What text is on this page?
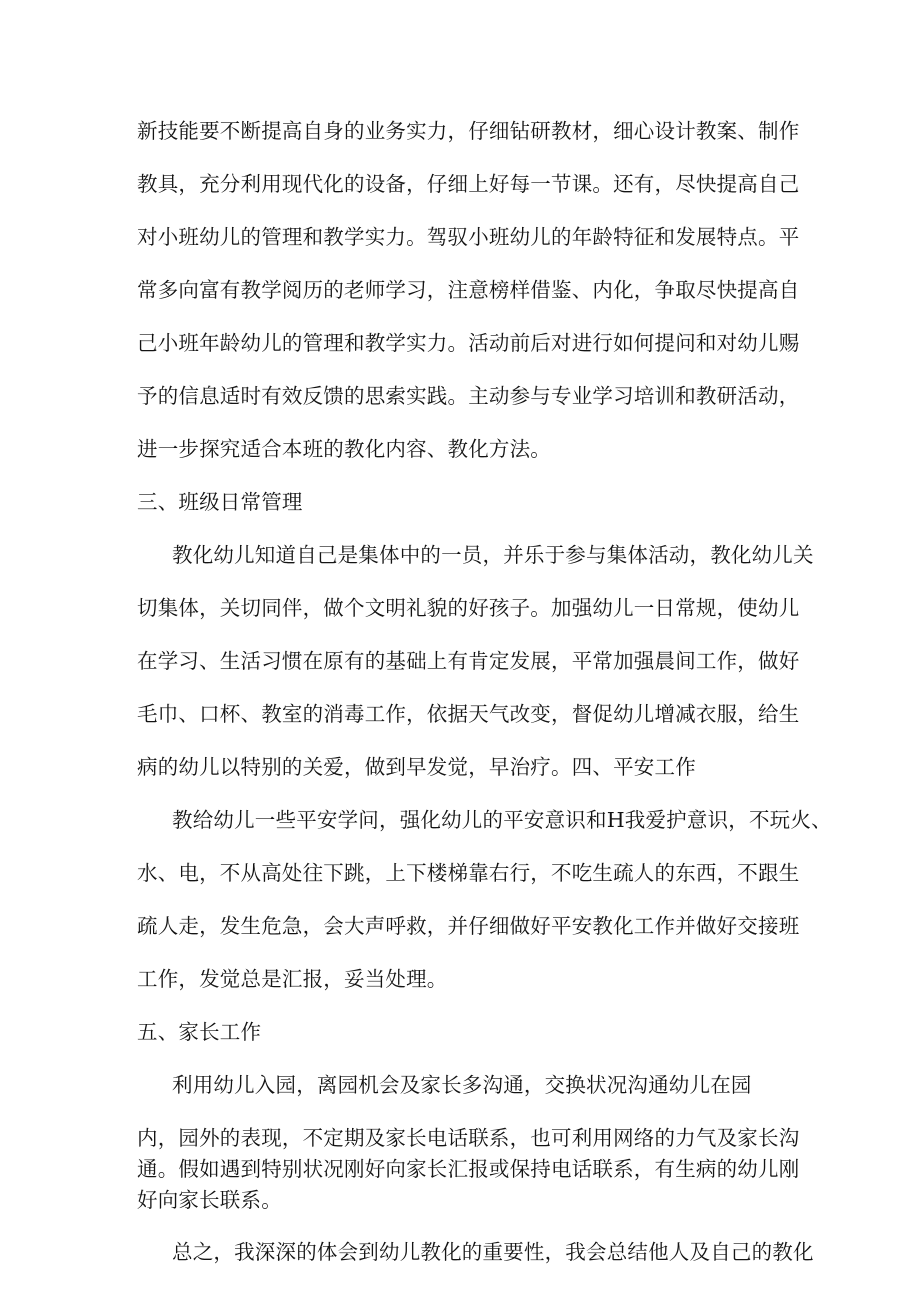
新技能要不断提高自身的业务实力，仔细钻研教材，细心设计教案、制作
教具，充分利用现代化的设备，仔细上好每一节课。还有，尽快提高自己
对小班幼儿的管理和教学实力。驾驭小班幼儿的年龄特征和发展特点。平
常多向富有教学阅历的老师学习，注意榜样借鉴、内化，争取尽快提高自
己小班年龄幼儿的管理和教学实力。活动前后对进行如何提问和对幼儿赐
予的信息适时有效反馈的思索实践。主动参与专业学习培训和教研活动，
进一步探究适合本班的教化内容、教化方法。
三、班级日常管理
教化幼儿知道自己是集体中的一员，并乐于参与集体活动，教化幼儿关
切集体，关切同伴，做个文明礼貌的好孩子。加强幼儿一日常规，使幼儿
在学习、生活习惯在原有的基础上有肯定发展，平常加强晨间工作，做好
毛巾、口杯、教室的消毒工作，依据天气改变，督促幼儿增减衣服，给生
病的幼儿以特别的关爱，做到早发觉，早治疗。四、平安工作
教给幼儿一些平安学问，强化幼儿的平安意识和H我爱护意识，不玩火、
水、电，不从高处往下跳，上下楼梯靠右行，不吃生疏人的东西，不跟生
疏人走，发生危急，会大声呼救，并仔细做好平安教化工作并做好交接班
工作，发觉总是汇报，妥当处理。
五、家长工作
利用幼儿入园，离园机会及家长多沟通，交换状况沟通幼儿在园
内，园外的表现，不定期及家长电话联系，也可利用网络的力气及家长沟
通。假如遇到特别状况刚好向家长汇报或保持电话联系，有生病的幼儿刚
好向家长联系。
总之，我深深的体会到幼儿教化的重要性，我会总结他人及自己的教化
